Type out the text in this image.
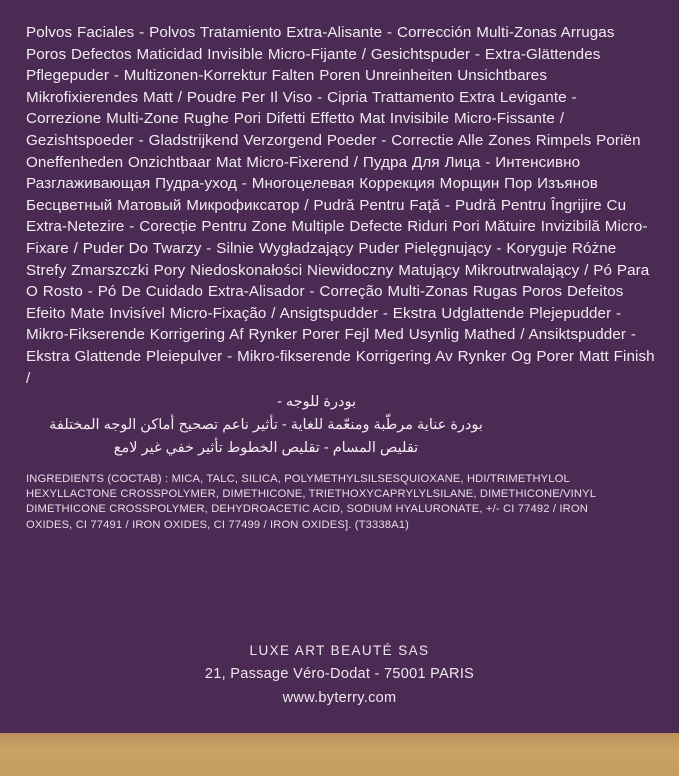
Polvos Faciales - Polvos Tratamiento Extra-Alisante - Corrección Multi-Zonas Arrugas Poros Defectos Maticidad Invisible Micro-Fijante / Gesichtspuder - Extra-Glättendes Pflegepuder - Multizonen-Korrektur Falten Poren Unreinheiten Unsichtbares Mikrofixierendes Matt / Poudre Per Il Viso - Cipria Trattamento Extra Levigante - Correzione Multi-Zone Rughe Pori Difetti Effetto Mat Invisibile Micro-Fissante / Gezishtspoeder - Gladstrijkend Verzorgend Poeder - Correctie Alle Zones Rimpels Poriën Oneffenheden Onzichtbaar Mat Micro-Fixerend / Пудра Для Лица - Интенсивно Разглаживающая Пудра-уход - Многоцелевая Коррекция Морщин Пор Изъянов Бесцветный Матовый Микрофиксатор / Pudră Pentru Față - Pudră Pentru Îngrijire Cu Extra-Netezire - Corecție Pentru Zone Multiple Defecte Riduri Pori Mătuire Invizibilă Micro-Fixare / Puder Do Twarzy - Silnie Wygładzający Puder Pielęgnujący - Koryguje Różne Strefy Zmarszczki Pory Niedoskonałości Niewidoczny Matujący Mikroutrwalający / Pó Para O Rosto - Pó De Cuidado Extra-Alisador - Correção Multi-Zonas Rugas Poros Defeitos Efeito Mate Invisível Micro-Fixação / Ansigtspudder - Ekstra Udglattende Plejepudder - Mikro-Fikserende Korrigering Af Rynker Porer Fejl Med Usynlig Mathed / Ansiktspudder - Ekstra Glattende Pleiepulver - Mikro-fikserende Korrigering Av Rynker Og Porer Matt Finish /
بودرة للوجه -
بودرة عناية مرطّبة ومنعّمة للغاية - تأثير ناعم تصحيح أماكن الوجه المختلفة
تقليص المسام - تقليص الخطوط تأثير خفي غير لامع
INGREDIENTS (COCTAB) : MICA, TALC, SILICA, POLYMETHYLSILSESQUIOXANE, HDI/TRIMETHYLOL HEXYLLACTONE CROSSPOLYMER, DIMETHICONE, TRIETHOXYCAPRYLYLSILANE, DIMETHICONE/VINYL DIMETHICONE CROSSPOLYMER, DEHYDROACETIC ACID, SODIUM HYALURONATE, +/- CI 77492 / IRON OXIDES, CI 77491 / IRON OXIDES, CI 77499 / IRON OXIDES]. (T3338A1)
LUXE ART BEAUTÉ SAS
21, Passage Véro-Dodat - 75001 PARIS
www.byterry.com
